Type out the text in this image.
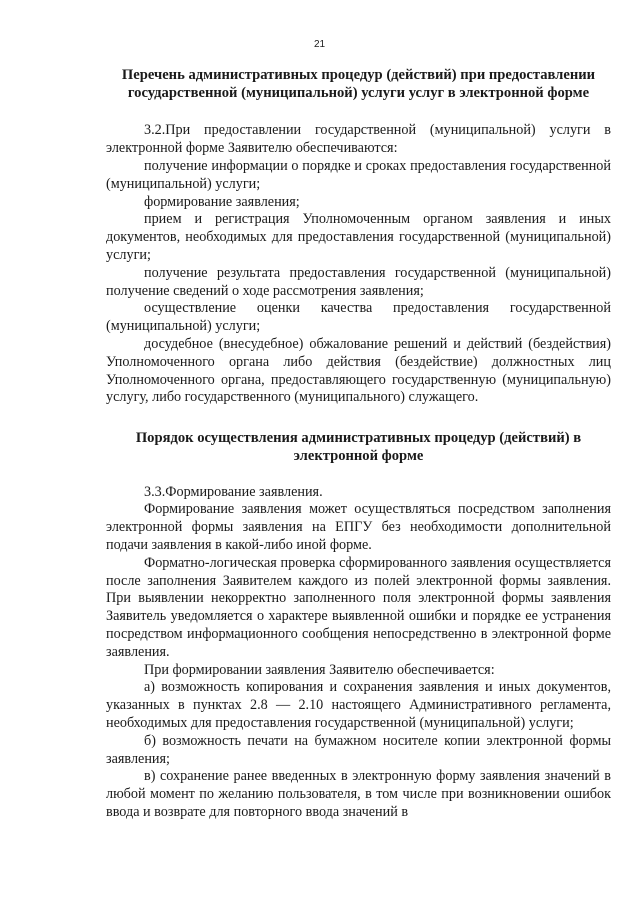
21

Перечень административных процедур (действий) при предоставлении государственной (муниципальной) услуги услуг в электронной форме

3.2.При предоставлении государственной (муниципальной) услуги в электронной форме Заявителю обеспечиваются:

получение информации о порядке и сроках предоставления государственной (муниципальной) услуги;

формирование заявления;

прием и регистрация Уполномоченным органом заявления и иных документов, необходимых для предоставления государственной (муниципальной) услуги;

получение результата предоставления государственной (муниципальной) получение сведений о ходе рассмотрения заявления;

осуществление оценки качества предоставления государственной (муниципальной) услуги;

досудебное (внесудебное) обжалование решений и действий (бездействия) Уполномоченного органа либо действия (бездействие) должностных лиц Уполномоченного органа, предоставляющего государственную (муниципальную) услугу, либо государственного (муниципального) служащего.

Порядок осуществления административных процедур (действий) в электронной форме

3.3.Формирование заявления.

Формирование заявления может осуществляться посредством заполнения электронной формы заявления на ЕПГУ без необходимости дополнительной подачи заявления в какой-либо иной форме.

Форматно-логическая проверка сформированного заявления осуществляется после заполнения Заявителем каждого из полей электронной формы заявления. При выявлении некорректно заполненного поля электронной формы заявления Заявитель уведомляется о характере выявленной ошибки и порядке ее устранения посредством информационного сообщения непосредственно в электронной форме заявления.

При формировании заявления Заявителю обеспечивается:

а) возможность копирования и сохранения заявления и иных документов, указанных в пунктах 2.8 — 2.10 настоящего Административного регламента, необходимых для предоставления государственной (муниципальной) услуги;

б) возможность печати на бумажном носителе копии электронной формы заявления;

в) сохранение ранее введенных в электронную форму заявления значений в любой момент по желанию пользователя, в том числе при возникновении ошибок ввода и возврате для повторного ввода значений в
